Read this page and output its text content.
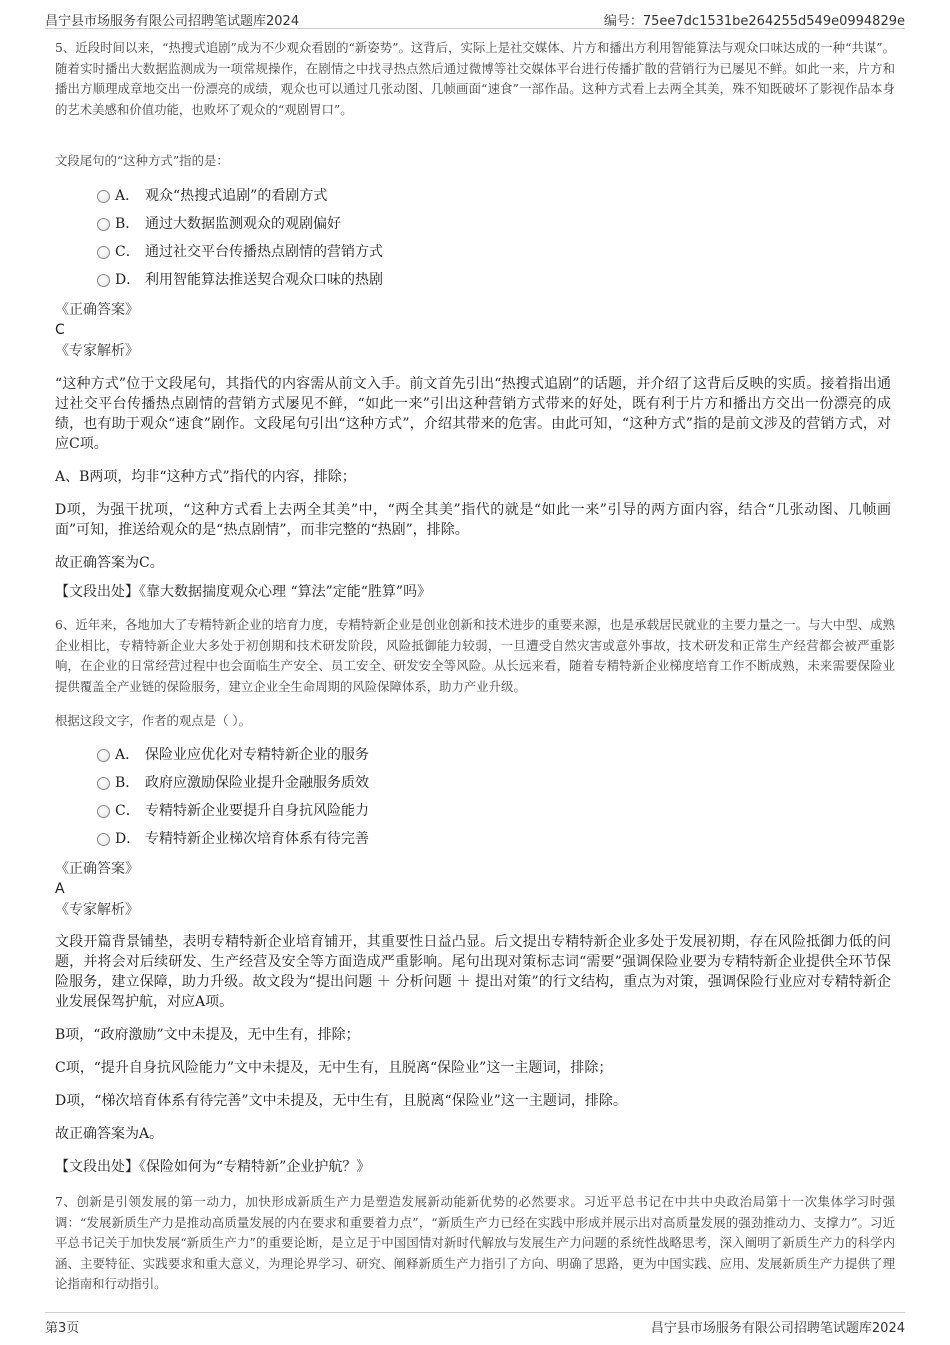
昌宁县市场服务有限公司招聘笔试题库2024	编号：75ee7dc1531be264255d549e0994829e

5、近段时间以来，“热搜式追剧”成为不少观众看剧的“新姿势”。这背后，实际上是社交媒体、片方和播出方利用智能算法与观众口味达成的一种“共谋”。随着实时播出大数据监测成为一项常规操作，在剧情之中找寻热点然后通过微博等社交媒体平台进行传播扩散的营销行为已屡见不鲜。如此一来，片方和播出方顺理成章地交出一份漂亮的成绩，观众也可以通过几张动图、几帧画面“速食”一部作品。这种方式看上去两全其美，殊不知既破坏了影视作品本身的艺术美感和价值功能，也败坏了观众的“观剧胃口”。

文段尾句的“这种方式”指的是：

A． 观众“热搜式追剧”的看剧方式
B． 通过大数据监测观众的观剧偏好
C． 通过社交平台传播热点剧情的营销方式
D． 利用智能算法推送契合观众口味的热剧
《正确答案》
C
《专家解析》

“这种方式”位于文段尾句，其指代的内容需从前文入手。前文首先引出“热搜式追剧”的话题，并介绍了这背后反映的实质。接着指出通过社交平台传播热点剧情的营销方式屡见不鲜，“如此一来”引出这种营销方式带来的好处，既有利于片方和播出方交出一份漂亮的成绩，也有助于观众“速食”剧作。文段尾句引出“这种方式”，介绍其带来的危害。由此可知，“这种方式”指的是前文涉及的营销方式，对应C项。

A、B两项，均非“这种方式”指代的内容，排除；

D项，为强干扰项，“这种方式看上去两全其美”中，“两全其美”指代的就是“如此一来”引导的两方面内容，结合“几张动图、几帧画面”可知，推送给观众的是“热点剧情”，而非完整的“热剧”，排除。

故正确答案为C。

【文段出处】《靠大数据揣度观众心理 “算法”定能“胜算”吗》

6、近年来，各地加大了专精特新企业的培育力度，专精特新企业是创业创新和技术进步的重要来源，也是承载居民就业的主要力量之一。与大中型、成熟企业相比，专精特新企业大多处于初创期和技术研发阶段，风险抵御能力较弱，一旦遭受自然灾害或意外事故，技术研发和正常生产经营都会被严重影响，在企业的日常经营过程中也会面临生产安全、员工安全、研发安全等风险。从长远来看，随着专精特新企业梯度培育工作不断成熟，未来需要保险业提供覆盖全产业链的保险服务，建立企业全生命周期的风险保障体系，助力产业升级。

根据这段文字，作者的观点是（ ）。

A． 保险业应优化对专精特新企业的服务
B． 政府应激励保险业提升金融服务质效
C． 专精特新企业要提升自身抗风险能力
D． 专精特新企业梯次培育体系有待完善
《正确答案》
A
《专家解析》

文段开篇背景铺垫，表明专精特新企业培育铺开，其重要性日益凸显。后文提出专精特新企业多处于发展初期，存在风险抵御力低的问题，并将会对后续研发、生产经营及安全等方面造成严重影响。尾句出现对策标志词“需要”强调保险业要为专精特新企业提供全环节保险服务，建立保障，助力升级。故文段为“提出问题 ＋ 分析问题 ＋ 提出对策”的行文结构，重点为对策，强调保险行业应对专精特新企业发展保驾护航，对应A项。

B项，“政府激励”文中未提及，无中生有，排除；

C项，“提升自身抗风险能力”文中未提及，无中生有，且脱离“保险业”这一主题词，排除；

D项，“梯次培育体系有待完善”文中未提及，无中生有，且脱离“保险业”这一主题词，排除。

故正确答案为A。

【文段出处】《保险如何为“专精特新”企业护航？》

7、创新是引领发展的第一动力，加快形成新质生产力是塑造发展新动能新优势的必然要求。习近平总书记在中共中央政治局第十一次集体学习时强调：“发展新质生产力是推动高质量发展的内在要求和重要着力点”，“新质生产力已经在实践中形成并展示出对高质量发展的强劲推动力、支撑力”。习近平总书记关于加快发展“新质生产力”的重要论断，是立足于中国国情对新时代解放与发展生产力问题的系统性战略思考，深入阐明了新质生产力的科学内涵、主要特征、实践要求和重大意义，为理论界学习、研究、阐释新质生产力指引了方向、明确了思路，更为中国实践、应用、发展新质生产力提供了理论指南和行动指引。

第3页	昌宁县市场服务有限公司招聘笔试题库2024
